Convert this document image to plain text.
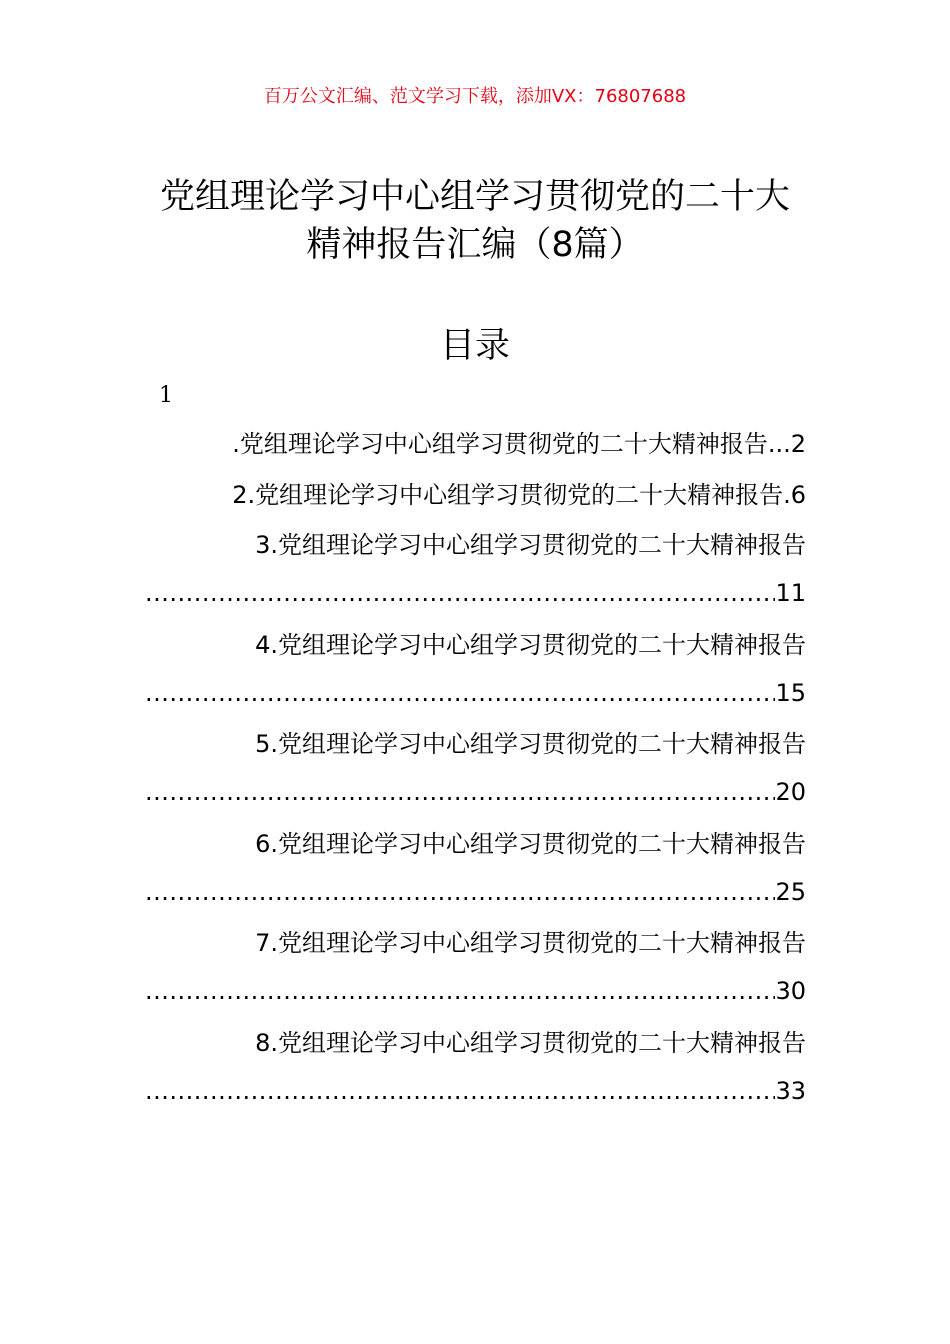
百万公文汇编、范文学习下载，添加VX：76807688
党组理论学习中心组学习贯彻党的二十大
精神报告汇编（8篇）
目录
1
.党组理论学习中心组学习贯彻党的二十大精神报告...2
2.党组理论学习中心组学习贯彻党的二十大精神报告.6
3.党组理论学习中心组学习贯彻党的二十大精神报告
.....
11
4.党组理论学习中心组学习贯彻党的二十大精神报告
.....
15
5.党组理论学习中心组学习贯彻党的二十大精神报告
.....
20
6.党组理论学习中心组学习贯彻党的二十大精神报告
.....
25
7.党组理论学习中心组学习贯彻党的二十大精神报告
.....
30
8.党组理论学习中心组学习贯彻党的二十大精神报告
.....
33
